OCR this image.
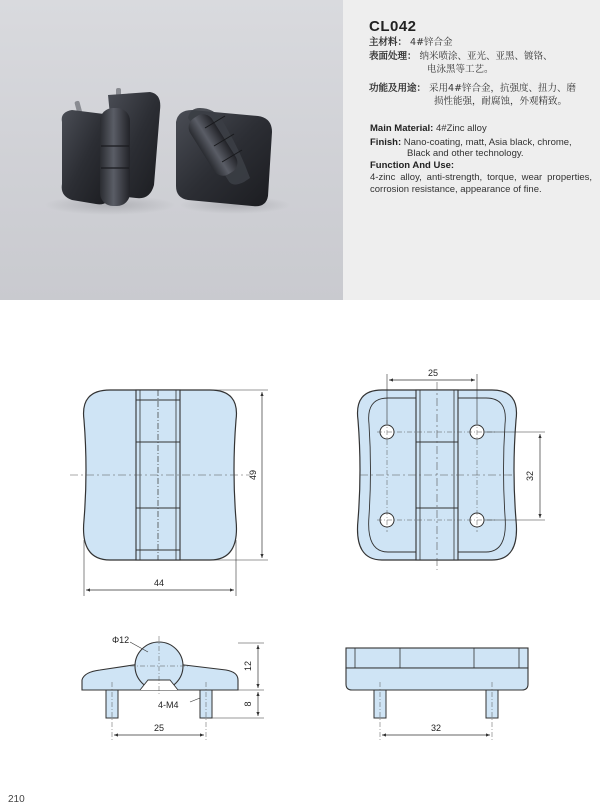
CL042
主材料： 4#锌合金
表面处理： 纳米喷涂、亚光、亚黑、镀铬、
电泳黑等工艺。
功能及用途： 采用4#锌合金，抗强度、扭力、磨
损性能强，耐腐蚀，外观精致。
Main Material: 4#Zinc alloy
Finish: Nano-coating, matt, Asia black, chrome,
Black and other technology.
Function And Use:
4-zinc alloy, anti-strength, torque, wear properties, corrosion resistance, appearance of fine.
49
44
25
32
Φ12
12
8
4-M4
25	32
210
